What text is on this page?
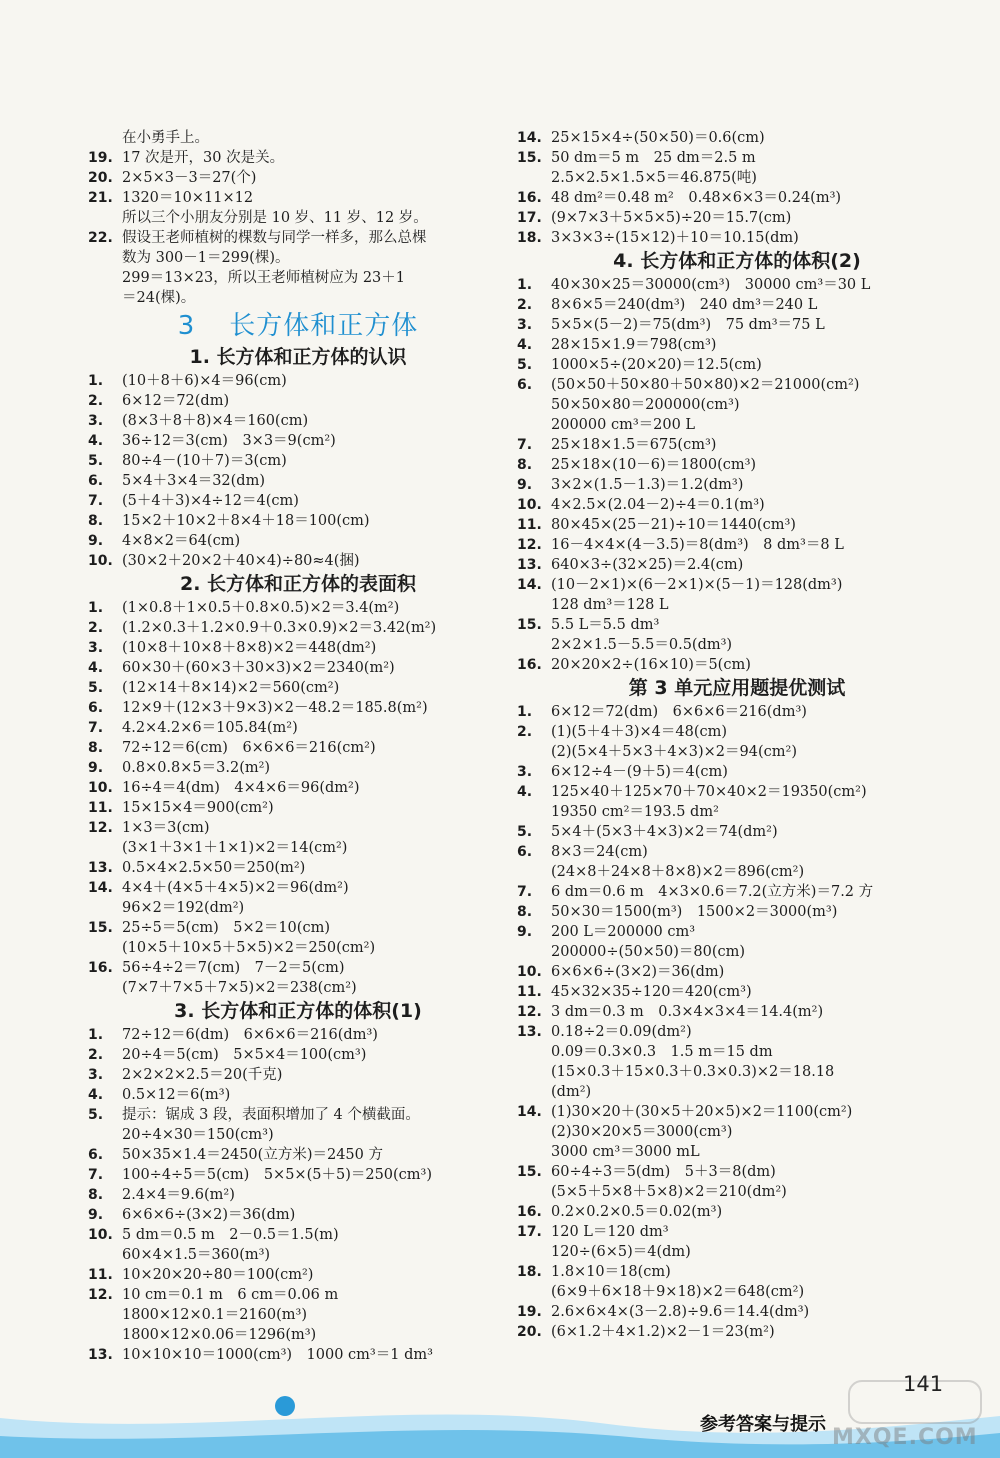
在小勇手上。
19. 17 次是开，30 次是关。
20. 2×5×3－3＝27(个)
21. 1320＝10×11×12
所以三个小朋友分别是 10 岁、11 岁、12 岁。
22. 假设王老师植树的棵数与同学一样多，那么总棵
数为 300－1＝299(棵)。
299＝13×23，所以王老师植树应为 23＋1
＝24(棵)。
3 长方体和正方体
1. 长方体和正方体的认识
1.	(10＋8＋6)×4＝96(cm)
2.	6×12＝72(dm)
3.	(8×3＋8＋8)×4＝160(cm)
4.	36÷12＝3(cm)　3×3＝9(cm²)
5.	80÷4－(10＋7)＝3(cm)
6.	5×4＋3×4＝32(dm)
7.	(5＋4＋3)×4÷12＝4(cm)
8.	15×2＋10×2＋8×4＋18＝100(cm)
9.	4×8×2＝64(cm)
10. (30×2＋20×2＋40×4)÷80≈4(捆)
2. 长方体和正方体的表面积
1.	(1×0.8＋1×0.5＋0.8×0.5)×2＝3.4(m²)
2.	(1.2×0.3＋1.2×0.9＋0.3×0.9)×2＝3.42(m²)
3.	(10×8＋10×8＋8×8)×2＝448(dm²)
4.	60×30＋(60×3＋30×3)×2＝2340(m²)
5.	(12×14＋8×14)×2＝560(cm²)
6.	12×9＋(12×3＋9×3)×2－48.2＝185.8(m²)
7.	4.2×4.2×6＝105.84(m²)
8.	72÷12＝6(cm)　6×6×6＝216(cm²)
9.	0.8×0.8×5＝3.2(m²)
10. 16÷4＝4(dm)　4×4×6＝96(dm²)
11. 15×15×4＝900(cm²)
12. 1×3＝3(cm)
(3×1＋3×1＋1×1)×2＝14(cm²)
13. 0.5×4×2.5×50＝250(m²)
14. 4×4＋(4×5＋4×5)×2＝96(dm²)
96×2＝192(dm²)
15. 25÷5＝5(cm)　5×2＝10(cm)
(10×5＋10×5＋5×5)×2＝250(cm²)
16. 56÷4÷2＝7(cm)　7－2＝5(cm)
(7×7＋7×5＋7×5)×2＝238(cm²)
3. 长方体和正方体的体积(1)
1.	72÷12＝6(dm)　6×6×6＝216(dm³)
2.	20÷4＝5(cm)　5×5×4＝100(cm³)
3.	2×2×2×2.5＝20(千克)
4.	0.5×12＝6(m³)
5.	提示：锯成 3 段，表面积增加了 4 个横截面。
20÷4×30＝150(cm³)
6.	50×35×1.4＝2450(立方米)＝2450 方
7.	100÷4÷5＝5(cm)　5×5×(5＋5)＝250(cm³)
8.	2.4×4＝9.6(m²)
9.	6×6×6÷(3×2)＝36(dm)
10. 5 dm＝0.5 m　2－0.5＝1.5(m)
60×4×1.5＝360(m³)
11. 10×20×20÷80＝100(cm²)
12. 10 cm＝0.1 m　6 cm＝0.06 m
1800×12×0.1＝2160(m³)
1800×12×0.06＝1296(m³)
13. 10×10×10＝1000(cm³)　1000 cm³＝1 dm³
14. 25×15×4÷(50×50)＝0.6(cm)
15. 50 dm＝5 m　25 dm＝2.5 m
2.5×2.5×1.5×5＝46.875(吨)
16. 48 dm²＝0.48 m²　0.48×6×3＝0.24(m³)
17. (9×7×3＋5×5×5)÷20＝15.7(cm)
18. 3×3×3÷(15×12)＋10＝10.15(dm)
4. 长方体和正方体的体积(2)
1.	40×30×25＝30000(cm³)　30000 cm³＝30 L
2.	8×6×5＝240(dm³)　240 dm³＝240 L
3.	5×5×(5－2)＝75(dm³)　75 dm³＝75 L
4.	28×15×1.9＝798(cm³)
5.	1000×5÷(20×20)＝12.5(cm)
6.	(50×50＋50×80＋50×80)×2＝21000(cm²)
50×50×80＝200000(cm³)
200000 cm³＝200 L
7.	25×18×1.5＝675(cm³)
8.	25×18×(10－6)＝1800(cm³)
9.	3×2×(1.5－1.3)＝1.2(dm³)
10. 4×2.5×(2.04－2)÷4＝0.1(m³)
11. 80×45×(25－21)÷10＝1440(cm³)
12. 16－4×4×(4－3.5)＝8(dm³)　8 dm³＝8 L
13. 640×3÷(32×25)＝2.4(cm)
14. (10－2×1)×(6－2×1)×(5－1)＝128(dm³)
128 dm³＝128 L
15. 5.5 L＝5.5 dm³
2×2×1.5－5.5＝0.5(dm³)
16. 20×20×2÷(16×10)＝5(cm)
第 3 单元应用题提优测试
1.	6×12＝72(dm)　6×6×6＝216(dm³)
2.	(1)(5＋4＋3)×4＝48(cm)
(2)(5×4＋5×3＋4×3)×2＝94(cm²)
3.	6×12÷4－(9＋5)＝4(cm)
4.	125×40＋125×70＋70×40×2＝19350(cm²)
19350 cm²＝193.5 dm²
5.	5×4＋(5×3＋4×3)×2＝74(dm²)
6.	8×3＝24(cm)
(24×8＋24×8＋8×8)×2＝896(cm²)
7.	6 dm＝0.6 m　4×3×0.6＝7.2(立方米)＝7.2 方
8.	50×30＝1500(m³)　1500×2＝3000(m³)
9.	200 L＝200000 cm³
200000÷(50×50)＝80(cm)
10. 6×6×6÷(3×2)＝36(dm)
11. 45×32×35÷120＝420(cm³)
12. 3 dm＝0.3 m　0.3×4×3×4＝14.4(m²)
13. 0.18÷2＝0.09(dm²)
0.09＝0.3×0.3　1.5 m＝15 dm
(15×0.3＋15×0.3＋0.3×0.3)×2＝18.18
(dm²)
14. (1)30×20＋(30×5＋20×5)×2＝1100(cm²)
(2)30×20×5＝3000(cm³)
3000 cm³＝3000 mL
15. 60÷4÷3＝5(dm)　5＋3＝8(dm)
(5×5＋5×8＋5×8)×2＝210(dm²)
16. 0.2×0.2×0.5＝0.02(m³)
17. 120 L＝120 dm³
120÷(6×5)＝4(dm)
18. 1.8×10＝18(cm)
(6×9＋6×18＋9×18)×2＝648(cm²)
19. 2.6×6×4×(3－2.8)÷9.6＝14.4(dm³)
20. (6×1.2＋4×1.2)×2－1＝23(m²)
141
参考答案与提示
MXQE.COM
